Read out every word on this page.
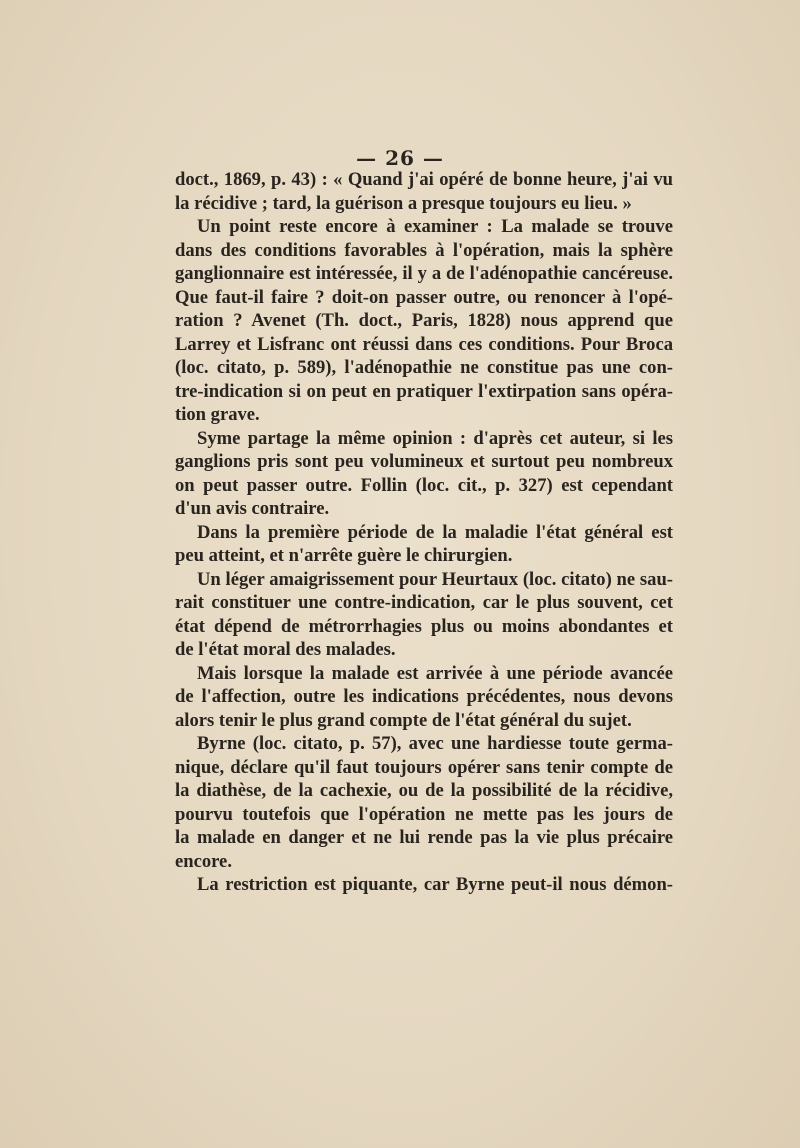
— 26 —
doct., 1869, p. 43) : « Quand j'ai opéré de bonne heure, j'ai vu
la récidive ; tard, la guérison a presque toujours eu lieu. »
Un point reste encore à examiner : La malade se trouve
dans des conditions favorables à l'opération, mais la sphère
ganglionnaire est intéressée, il y a de l'adénopathie cancéreuse.
Que faut-il faire ? doit-on passer outre, ou renoncer à l'opé-
ration ? Avenet (Th. doct., Paris, 1828) nous apprend que
Larrey et Lisfranc ont réussi dans ces conditions. Pour Broca
(loc. citato, p. 589), l'adénopathie ne constitue pas une con-
tre-indication si on peut en pratiquer l'extirpation sans opéra-
tion grave.
Syme partage la même opinion : d'après cet auteur, si les
ganglions pris sont peu volumineux et surtout peu nombreux
on peut passer outre. Follin (loc. cit., p. 327) est cependant
d'un avis contraire.
Dans la première période de la maladie l'état général est
peu atteint, et n'arrête guère le chirurgien.
Un léger amaigrissement pour Heurtaux (loc. citato) ne sau-
rait constituer une contre-indication, car le plus souvent, cet
état dépend de métrorrhagies plus ou moins abondantes et
de l'état moral des malades.
Mais lorsque la malade est arrivée à une période avancée
de l'affection, outre les indications précédentes, nous devons
alors tenir le plus grand compte de l'état général du sujet.
Byrne (loc. citato, p. 57), avec une hardiesse toute germa-
nique, déclare qu'il faut toujours opérer sans tenir compte de
la diathèse, de la cachexie, ou de la possibilité de la récidive,
pourvu toutefois que l'opération ne mette pas les jours de
la malade en danger et ne lui rende pas la vie plus précaire
encore.
La restriction est piquante, car Byrne peut-il nous démon-
